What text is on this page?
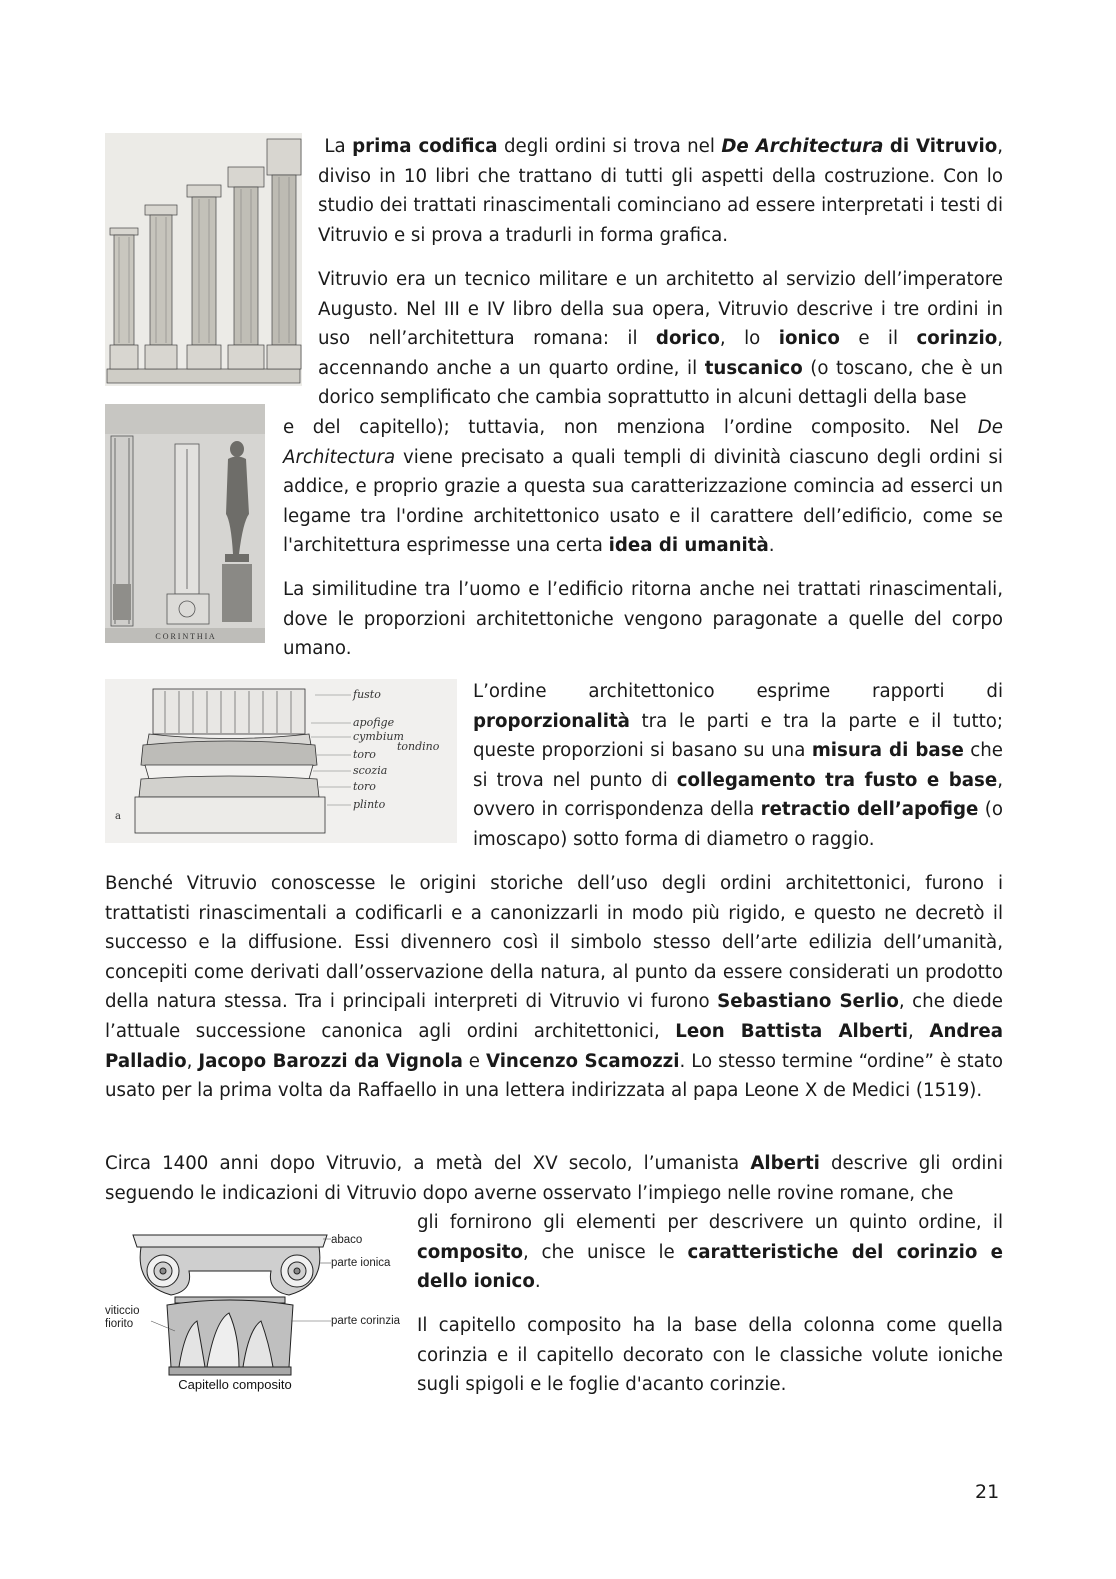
C O R I N T H I A
fusto
apofige
cymbium
tondino
toro
scozia
toro
plinto
a
abaco
parte ionica
viticcio fiorito	parte corinzia
Capitello composito

La prima codifica degli ordini si trova nel De Architectura di Vitruvio, diviso in 10 libri che trattano di tutti gli aspetti della costruzione. Con lo studio dei trattati rinascimentali cominciano ad essere interpretati i testi di Vitruvio e si prova a tradurli in forma grafica.

Vitruvio era un tecnico militare e un architetto al servizio dell’imperatore Augusto. Nel III e IV libro della sua opera, Vitruvio descrive i tre ordini in uso nell’architettura romana: il dorico, lo ionico e il corinzio, accennando anche a un quarto ordine, il tuscanico (o toscano, che è un dorico semplificato che cambia soprattutto in alcuni dettagli della base

e del capitello); tuttavia, non menziona l’ordine composito. Nel De Architectura viene precisato a quali templi di divinità ciascuno degli ordini si addice, e proprio grazie a questa sua caratterizzazione comincia ad esserci un legame tra l'ordine architettonico usato e il carattere dell’edificio, come se l'architettura esprimesse una certa idea di umanità.

La similitudine tra l’uomo e l’edificio ritorna anche nei trattati rinascimentali, dove le proporzioni architettoniche vengono paragonate a quelle del corpo umano.

L’ordine architettonico esprime rapporti di proporzionalità tra le parti e tra la parte e il tutto; queste proporzioni si basano su una misura di base che si trova nel punto di collegamento tra fusto e base, ovvero in corrispondenza della retractio dell’apofige (o imoscapo) sotto forma di diametro o raggio.

Benché Vitruvio conoscesse le origini storiche dell’uso degli ordini architettonici, furono i trattatisti rinascimentali a codificarli e a canonizzarli in modo più rigido, e questo ne decretò il successo e la diffusione. Essi divennero così il simbolo stesso dell’arte edilizia dell’umanità, concepiti come derivati dall’osservazione della natura, al punto da essere considerati un prodotto della natura stessa. Tra i principali interpreti di Vitruvio vi furono Sebastiano Serlio, che diede l’attuale successione canonica agli ordini architettonici, Leon Battista Alberti, Andrea Palladio, Jacopo Barozzi da Vignola e Vincenzo Scamozzi. Lo stesso termine “ordine” è stato usato per la prima volta da Raffaello in una lettera indirizzata al papa Leone X de Medici (1519).

Circa 1400 anni dopo Vitruvio, a metà del XV secolo, l’umanista Alberti descrive gli ordini seguendo le indicazioni di Vitruvio dopo averne osservato l’impiego nelle rovine romane, che

gli fornirono gli elementi per descrivere un quinto ordine, il composito, che unisce le caratteristiche del corinzio e dello ionico.

Il capitello composito ha la base della colonna come quella corinzia e il capitello decorato con le classiche volute ioniche sugli spigoli e le foglie d'acanto corinzie.

21
